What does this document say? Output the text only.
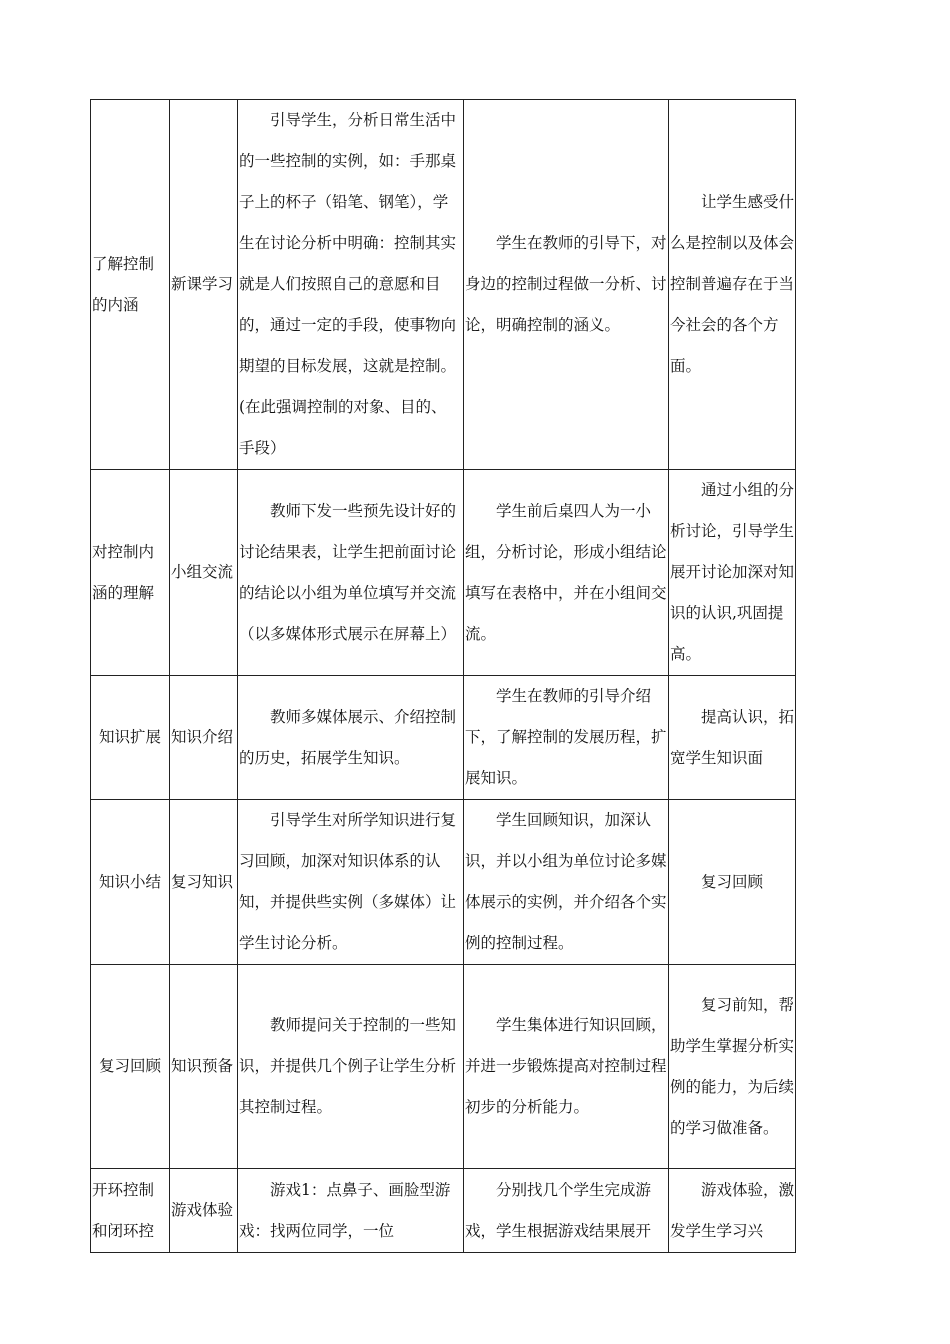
了解控制的内涵	新课学习	引导学生，分析日常生活中的一些控制的实例，如：手那桌子上的杯子（铅笔、钢笔），学生在讨论分析中明确：控制其实就是人们按照自己的意愿和目的，通过一定的手段，使事物向期望的目标发展，这就是控制。(在此强调控制的对象、目的、手段）	学生在教师的引导下，对身边的控制过程做一分析、讨论，明确控制的涵义。	让学生感受什么是控制以及体会控制普遍存在于当今社会的各个方面。
对控制内涵的理解	小组交流	教师下发一些预先设计好的讨论结果表，让学生把前面讨论的结论以小组为单位填写并交流（以多媒体形式展示在屏幕上）	学生前后桌四人为一小组，分析讨论，形成小组结论填写在表格中，并在小组间交流。	通过小组的分析讨论，引导学生展开讨论加深对知识的认识,巩固提高。
知识扩展	知识介绍	教师多媒体展示、介绍控制的历史，拓展学生知识。	学生在教师的引导介绍下，了解控制的发展历程，扩展知识。	提高认识，拓宽学生知识面
知识小结	复习知识	引导学生对所学知识进行复习回顾，加深对知识体系的认知，并提供些实例（多媒体）让学生讨论分析。	学生回顾知识，加深认识，并以小组为单位讨论多媒体展示的实例，并介绍各个实例的控制过程。	复习回顾
复习回顾	知识预备	教师提问关于控制的一些知识，并提供几个例子让学生分析其控制过程。	学生集体进行知识回顾，并进一步锻炼提高对控制过程初步的分析能力。	复习前知，帮助学生掌握分析实例的能力，为后续的学习做准备。
开环控制和闭环控	游戏体验	游戏1：点鼻子、画脸型游戏：找两位同学，一位	分别找几个学生完成游戏，学生根据游戏结果展开	游戏体验，激发学生学习兴
